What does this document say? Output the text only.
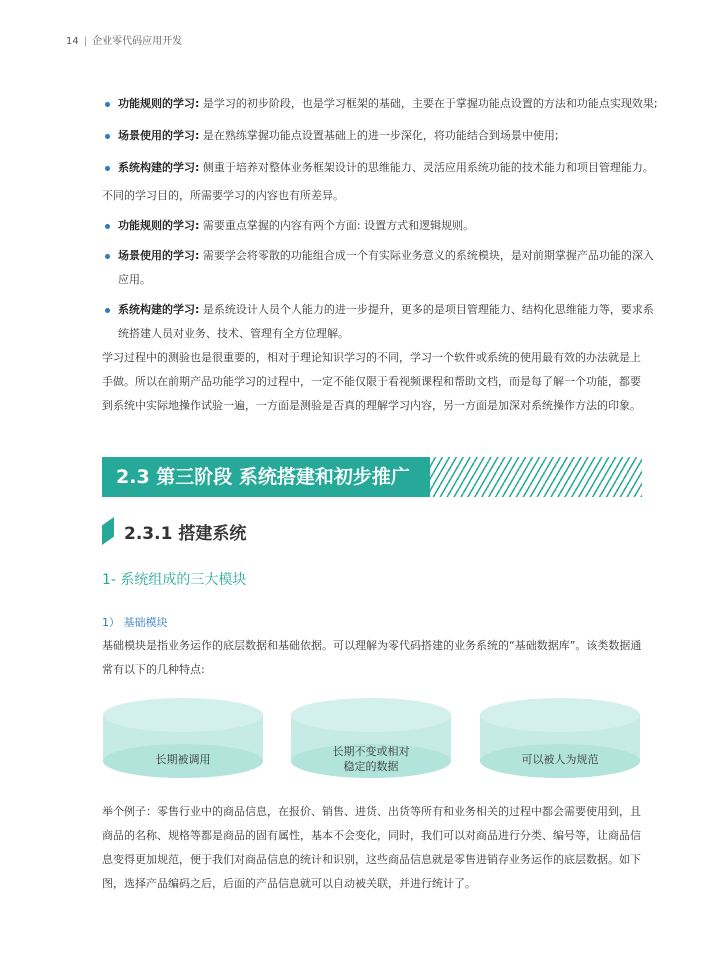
14 | 企业零代码应用开发
功能规则的学习: 是学习的初步阶段，也是学习框架的基础，主要在于掌握功能点设置的方法和功能点实现效果;
场景使用的学习: 是在熟练掌握功能点设置基础上的进一步深化，将功能结合到场景中使用;
系统构建的学习: 侧重于培养对整体业务框架设计的思维能力、灵活应用系统功能的技术能力和项目管理能力。

不同的学习目的，所需要学习的内容也有所差异。

功能规则的学习: 需要重点掌握的内容有两个方面: 设置方式和逻辑规则。
场景使用的学习: 需要学会将零散的功能组合成一个有实际业务意义的系统模块，是对前期掌握产品功能的深入应用。
系统构建的学习: 是系统设计人员个人能力的进一步提升，更多的是项目管理能力、结构化思维能力等，要求系统搭建人员对业务、技术、管理有全方位理解。

学习过程中的测验也是很重要的，相对于理论知识学习的不同，学习一个软件或系统的使用最有效的办法就是上手做。所以在前期产品功能学习的过程中，一定不能仅限于看视频课程和帮助文档，而是每了解一个功能，都要到系统中实际地操作试验一遍，一方面是测验是否真的理解学习内容，另一方面是加深对系统操作方法的印象。

2.3 第三阶段 系统搭建和初步推广
2.3.1 搭建系统
1- 系统组成的三大模块
1） 基础模块

基础模块是指业务运作的底层数据和基础依据。可以理解为零代码搭建的业务系统的“基础数据库”。该类数据通常有以下的几种特点:

长期被调用
长期不变或相对
稳定的数据
可以被人为规范

举个例子：零售行业中的商品信息，在报价、销售、进货、出货等所有和业务相关的过程中都会需要使用到，且商品的名称、规格等都是商品的固有属性，基本不会变化，同时，我们可以对商品进行分类、编号等，让商品信息变得更加规范，便于我们对商品信息的统计和识别，这些商品信息就是零售进销存业务运作的底层数据。如下图，选择产品编码之后，后面的产品信息就可以自动被关联，并进行统计了。
